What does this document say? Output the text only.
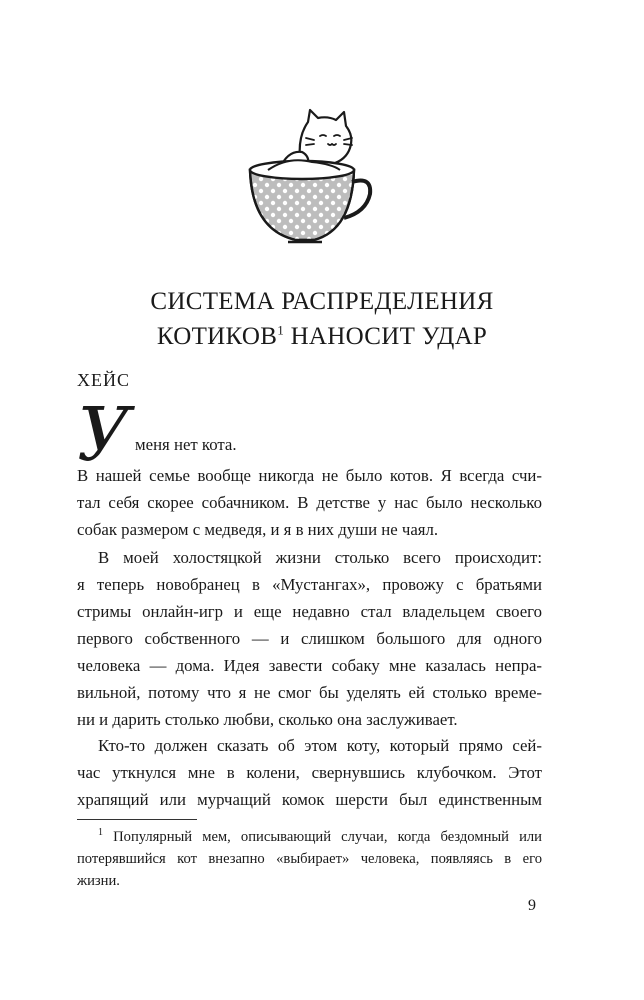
СИСТЕМА РАСПРЕДЕЛЕНИЯ
КОТИКОВ$^1$ НАНОСИТ УДАР
ХЕЙС
У меня нет кота.
В нашей семье вообще никогда не было котов. Я всегда счи-
тал себя скорее собачником. В детстве у нас было несколько
собак размером с медведя, и я в них души не чаял.
В моей холостяцкой жизни столько всего происходит:
я теперь новобранец в «Мустангах», провожу с братьями
стримы онлайн-игр и еще недавно стал владельцем своего
первого собственного — и слишком большого для одного
человека — дома. Идея завести собаку мне казалась непра-
вильной, потому что я не смог бы уделять ей столько време-
ни и дарить столько любви, сколько она заслуживает.
Кто-то должен сказать об этом коту, который прямо сей-
час уткнулся мне в колени, свернувшись клубочком. Этот
храпящий или мурчащий комок шерсти был единственным
$^1$ Популярный мем, описывающий случаи, когда бездомный или
потерявшийся кот внезапно «выбирает» человека, появляясь в его
жизни.
9
